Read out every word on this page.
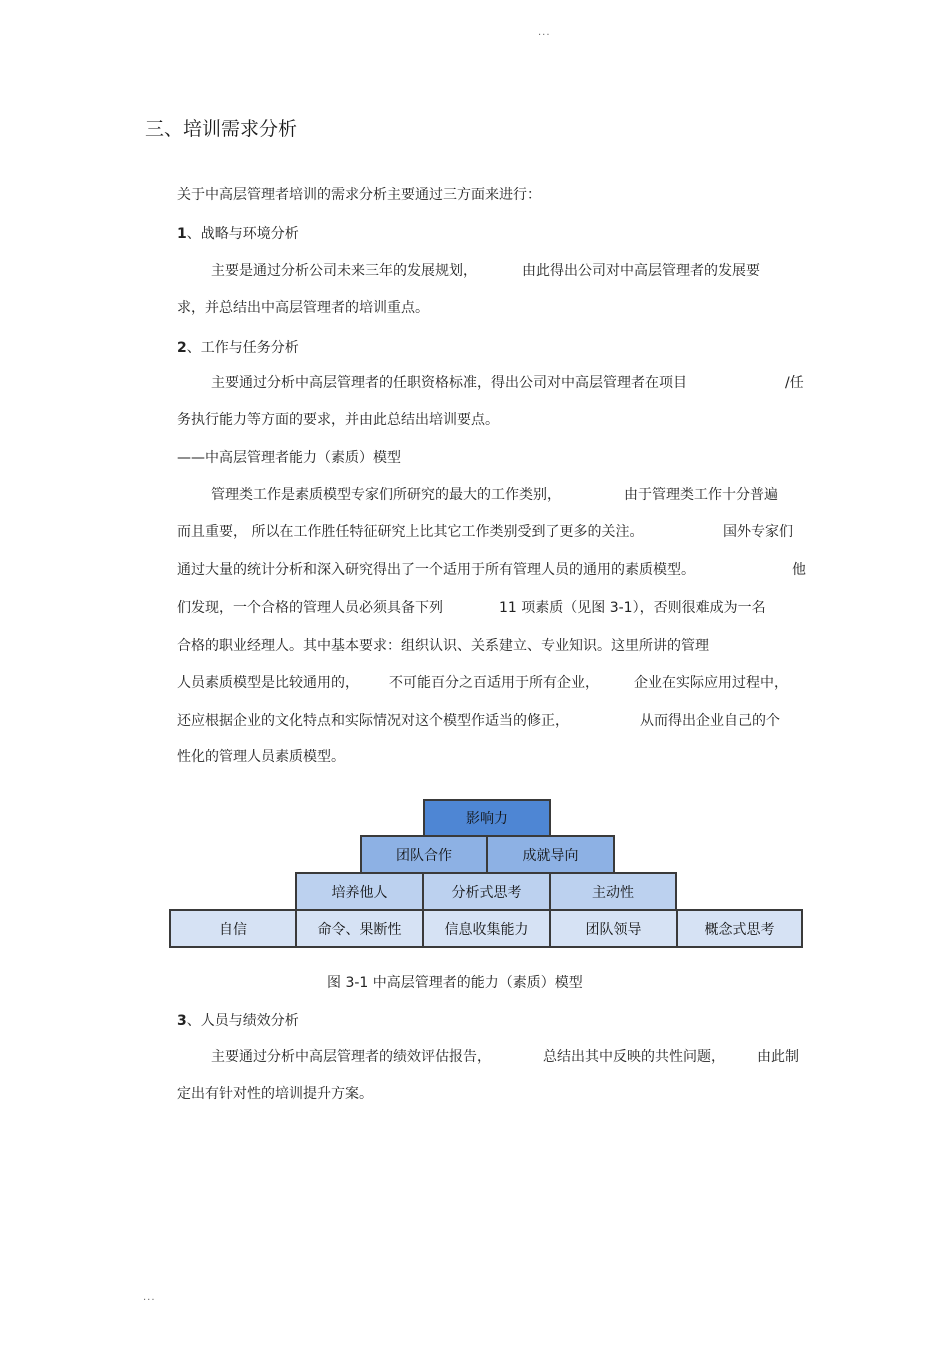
...
三、培训需求分析
关于中高层管理者培训的需求分析主要通过三方面来进行：
1、战略与环境分析
主要是通过分析公司未来三年的发展规划，	由此得出公司对中高层管理者的发展要
求，并总结出中高层管理者的培训重点。
2、工作与任务分析
主要通过分析中高层管理者的任职资格标准，得出公司对中高层管理者在项目	/任
务执行能力等方面的要求，并由此总结出培训要点。
——中高层管理者能力（素质）模型
管理类工作是素质模型专家们所研究的最大的工作类别，	由于管理类工作十分普遍
而且重要， 所以在工作胜任特征研究上比其它工作类别受到了更多的关注。	国外专家们
通过大量的统计分析和深入研究得出了一个适用于所有管理人员的通用的素质模型。	他
们发现，一个合格的管理人员必须具备下列	11 项素质（见图 3-1），否则很难成为一名
合格的职业经理人。其中基本要求：组织认识、关系建立、专业知识。这里所讲的管理
人员素质模型是比较通用的， 不可能百分之百适用于所有企业，	企业在实际应用过程中，
还应根据企业的文化特点和实际情况对这个模型作适当的修正，	从而得出企业自己的个
性化的管理人员素质模型。
影响力
团队合作	成就导向
培养他人	分析式思考	主动性
自信	命令、果断性	信息收集能力	团队领导	概念式思考
图 3-1 中高层管理者的能力（素质）模型
3、人员与绩效分析
主要通过分析中高层管理者的绩效评估报告，	总结出其中反映的共性问题， 由此制
定出有针对性的培训提升方案。
...
